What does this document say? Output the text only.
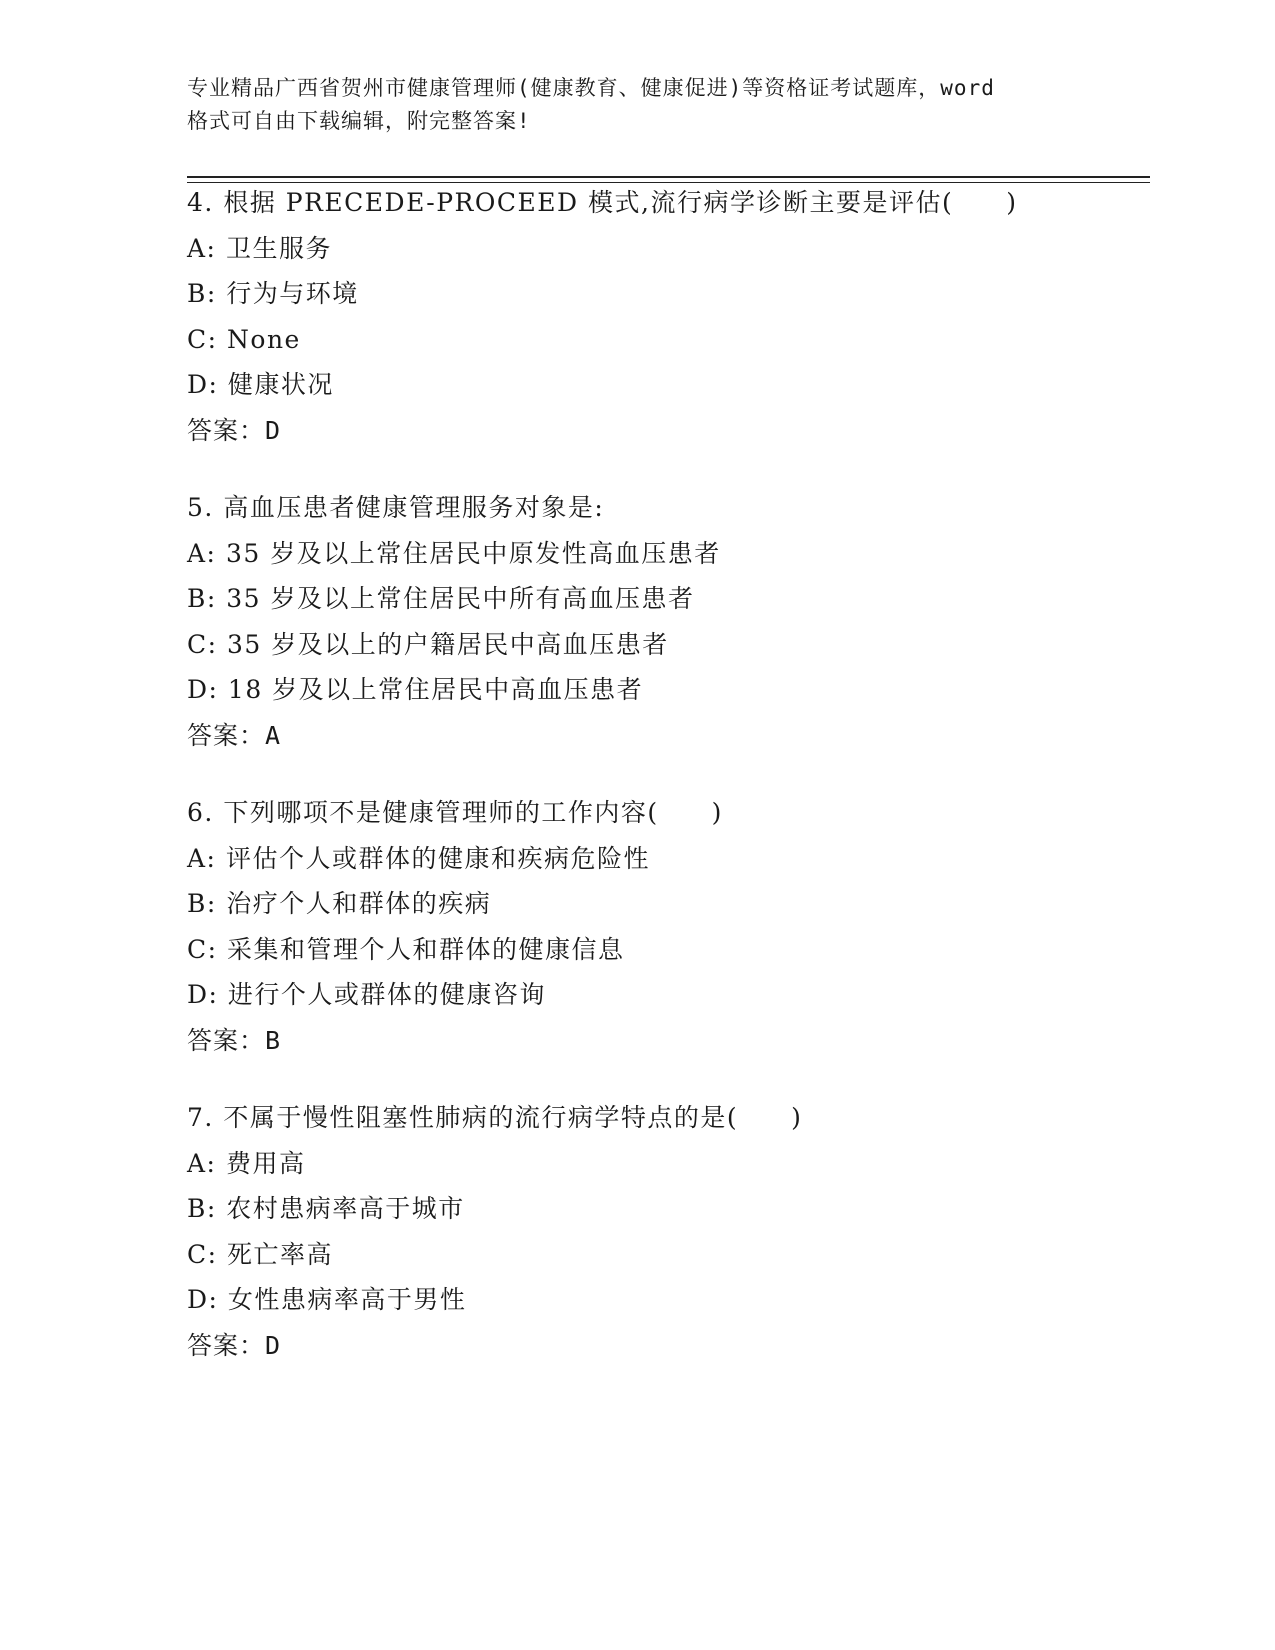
专业精品广西省贺州市健康管理师(健康教育、健康促进)等资格证考试题库，word
格式可自由下载编辑，附完整答案!
4. 根据 PRECEDE-PROCEED 模式,流行病学诊断主要是评估(　　)
A: 卫生服务
B: 行为与环境
C: None
D: 健康状况
答案：D
5. 高血压患者健康管理服务对象是:
A: 35 岁及以上常住居民中原发性高血压患者
B: 35 岁及以上常住居民中所有高血压患者
C: 35 岁及以上的户籍居民中高血压患者
D: 18 岁及以上常住居民中高血压患者
答案：A
6. 下列哪项不是健康管理师的工作内容(　　)
A: 评估个人或群体的健康和疾病危险性
B: 治疗个人和群体的疾病
C: 采集和管理个人和群体的健康信息
D: 进行个人或群体的健康咨询
答案：B
7. 不属于慢性阻塞性肺病的流行病学特点的是(　　)
A: 费用高
B: 农村患病率高于城市
C: 死亡率高
D: 女性患病率高于男性
答案：D
